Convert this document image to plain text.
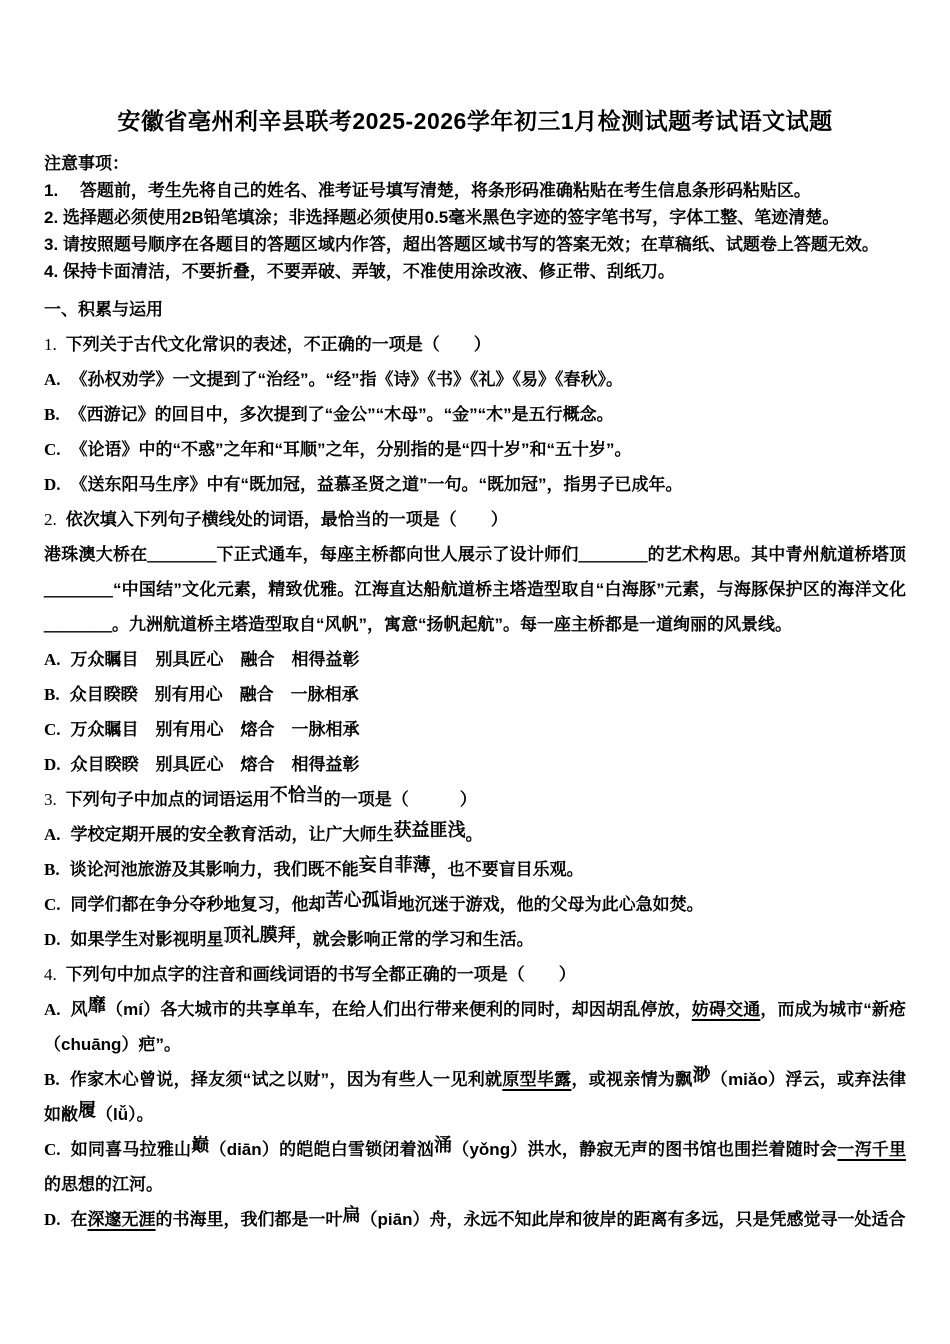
安徽省亳州利辛县联考2025-2026学年初三1月检测试题考试语文试题
注意事项：
1.　 答题前，考生先将自己的姓名、准考证号填写清楚，将条形码准确粘贴在考生信息条形码粘贴区。
2. 选择题必须使用2B铅笔填涂；非选择题必须使用0.5毫米黑色字迹的签字笔书写，字体工整、笔迹清楚。
3. 请按照题号顺序在各题目的答题区域内作答，超出答题区域书写的答案无效；在草稿纸、试题卷上答题无效。
4. 保持卡面清洁，不要折叠，不要弄破、弄皱，不准使用涂改液、修正带、刮纸刀。
一、积累与运用
1. 下列关于古代文化常识的表述，不正确的一项是（　　）
A. 《孙权劝学》一文提到了“治经”。“经”指《诗》《书》《礼》《易》《春秋》。
B. 《西游记》的回目中，多次提到了“金公”“木母”。“金”“木”是五行概念。
C. 《论语》中的“不惑”之年和“耳顺”之年，分别指的是“四十岁”和“五十岁”。
D. 《送东阳马生序》中有“既加冠，益慕圣贤之道”一句。“既加冠”，指男子已成年。
2. 依次填入下列句子横线处的词语，最恰当的一项是（　　）
港珠澳大桥在＿＿＿＿下正式通车，每座主桥都向世人展示了设计师们＿＿＿＿的艺术构思。其中青州航道桥塔顶＿＿＿＿“中国结”文化元素，精致优雅。江海直达船航道桥主塔造型取自“白海豚”元素，与海豚保护区的海洋文化＿＿＿＿。九洲航道桥主塔造型取自“风帆”，寓意“扬帆起航”。每一座主桥都是一道绚丽的风景线。
A. 万众瞩目　别具匠心　融合　相得益彰
B. 众目睽睽　别有用心　融合　一脉相承
C. 万众瞩目　别有用心　熔合　一脉相承
D. 众目睽睽　别具匠心　熔合　相得益彰
3. 下列句子中加点的词语运用不恰当的一项是（　　　）
A. 学校定期开展的安全教育活动，让广大师生获益匪浅。
B. 谈论河池旅游及其影响力，我们既不能妄自菲薄，也不要盲目乐观。
C. 同学们都在争分夺秒地复习，他却苦心孤诣地沉迷于游戏，他的父母为此心急如焚。
D. 如果学生对影视明星顶礼膜拜，就会影响正常的学习和生活。
4. 下列句中加点字的注音和画线词语的书写全都正确的一项是（　　）
A. 风靡（mí）各大城市的共享单车，在给人们出行带来便利的同时，却因胡乱停放，妨碍交通，而成为城市“新疮（chuāng）疤”。
B. 作家木心曾说，择友须“试之以财”，因为有些人一见利就原型毕露，或视亲情为飘渺（miǎo）浮云，或弃法律如敝履（lǚ）。
C. 如同喜马拉雅山巅（diān）的皑皑白雪锁闭着汹涌（yǒng）洪水，静寂无声的图书馆也围拦着随时会一泻千里的思想的江河。
D. 在深邃无涯的书海里，我们都是一叶扁（piān）舟，永远不知此岸和彼岸的距离有多远，只是凭感觉寻一处适合
